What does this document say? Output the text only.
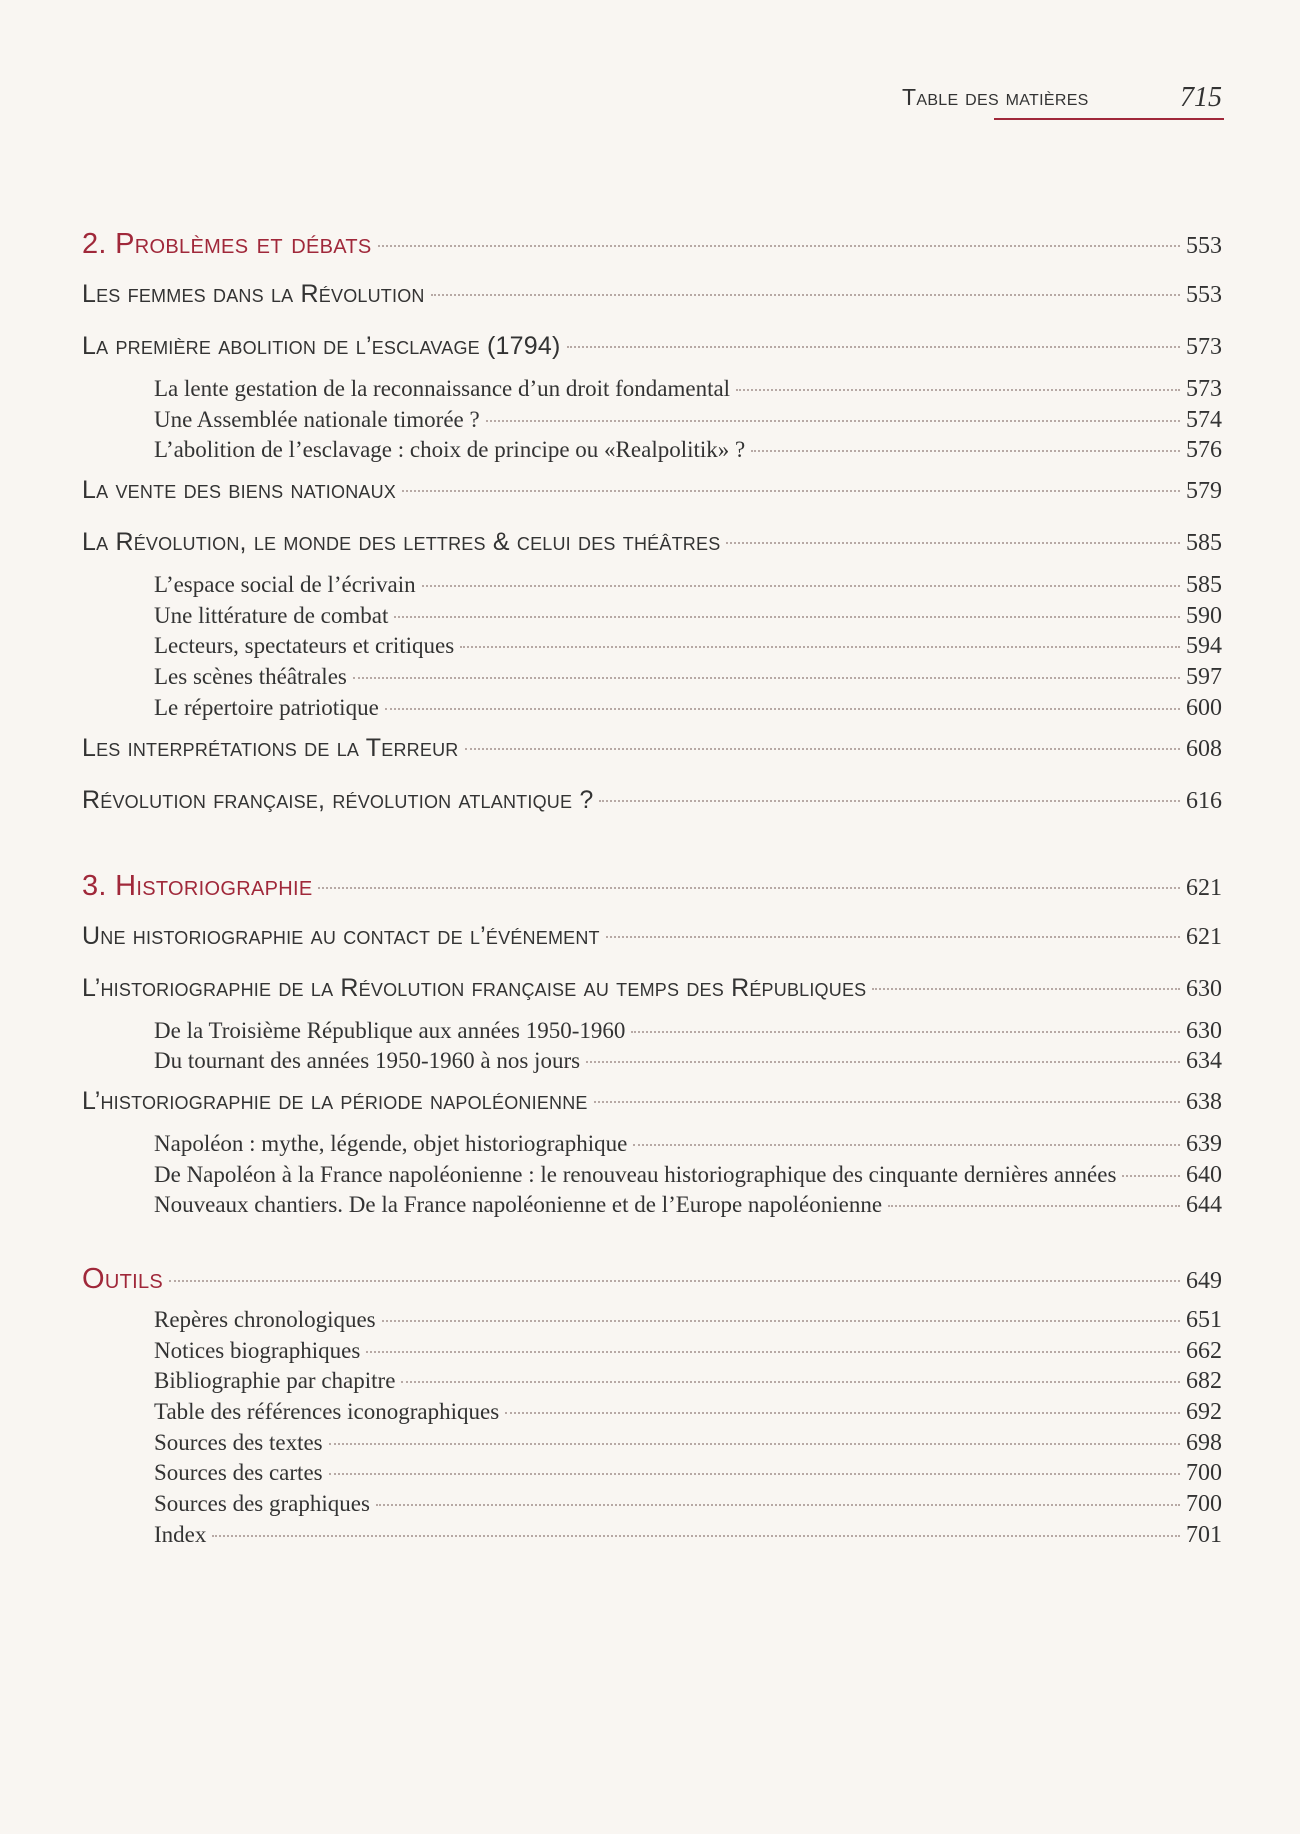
Table des matières	715
2. Problèmes et débats	553
Les femmes dans la Révolution	553
La première abolition de l’esclavage (1794)	573
La lente gestation de la reconnaissance d’un droit fondamental	573
Une Assemblée nationale timorée ?	574
L’abolition de l’esclavage : choix de principe ou «Realpolitik» ?	576
La vente des biens nationaux	579
La Révolution, le monde des lettres & celui des théâtres	585
L’espace social de l’écrivain	585
Une littérature de combat	590
Lecteurs, spectateurs et critiques	594
Les scènes théâtrales	597
Le répertoire patriotique	600
Les interprétations de la Terreur	608
Révolution française, révolution atlantique ?	616
3. Historiographie	621
Une historiographie au contact de l’événement	621
L’historiographie de la Révolution française au temps des Républiques	630
De la Troisième République aux années 1950-1960	630
Du tournant des années 1950-1960 à nos jours	634
L’historiographie de la période napoléonienne	638
Napoléon : mythe, légende, objet historiographique	639
De Napoléon à la France napoléonienne : le renouveau historiographique des cinquante dernières années	640
Nouveaux chantiers. De la France napoléonienne et de l’Europe napoléonienne	644
Outils	649
Repères chronologiques	651
Notices biographiques	662
Bibliographie par chapitre	682
Table des références iconographiques	692
Sources des textes	698
Sources des cartes	700
Sources des graphiques	700
Index	701
